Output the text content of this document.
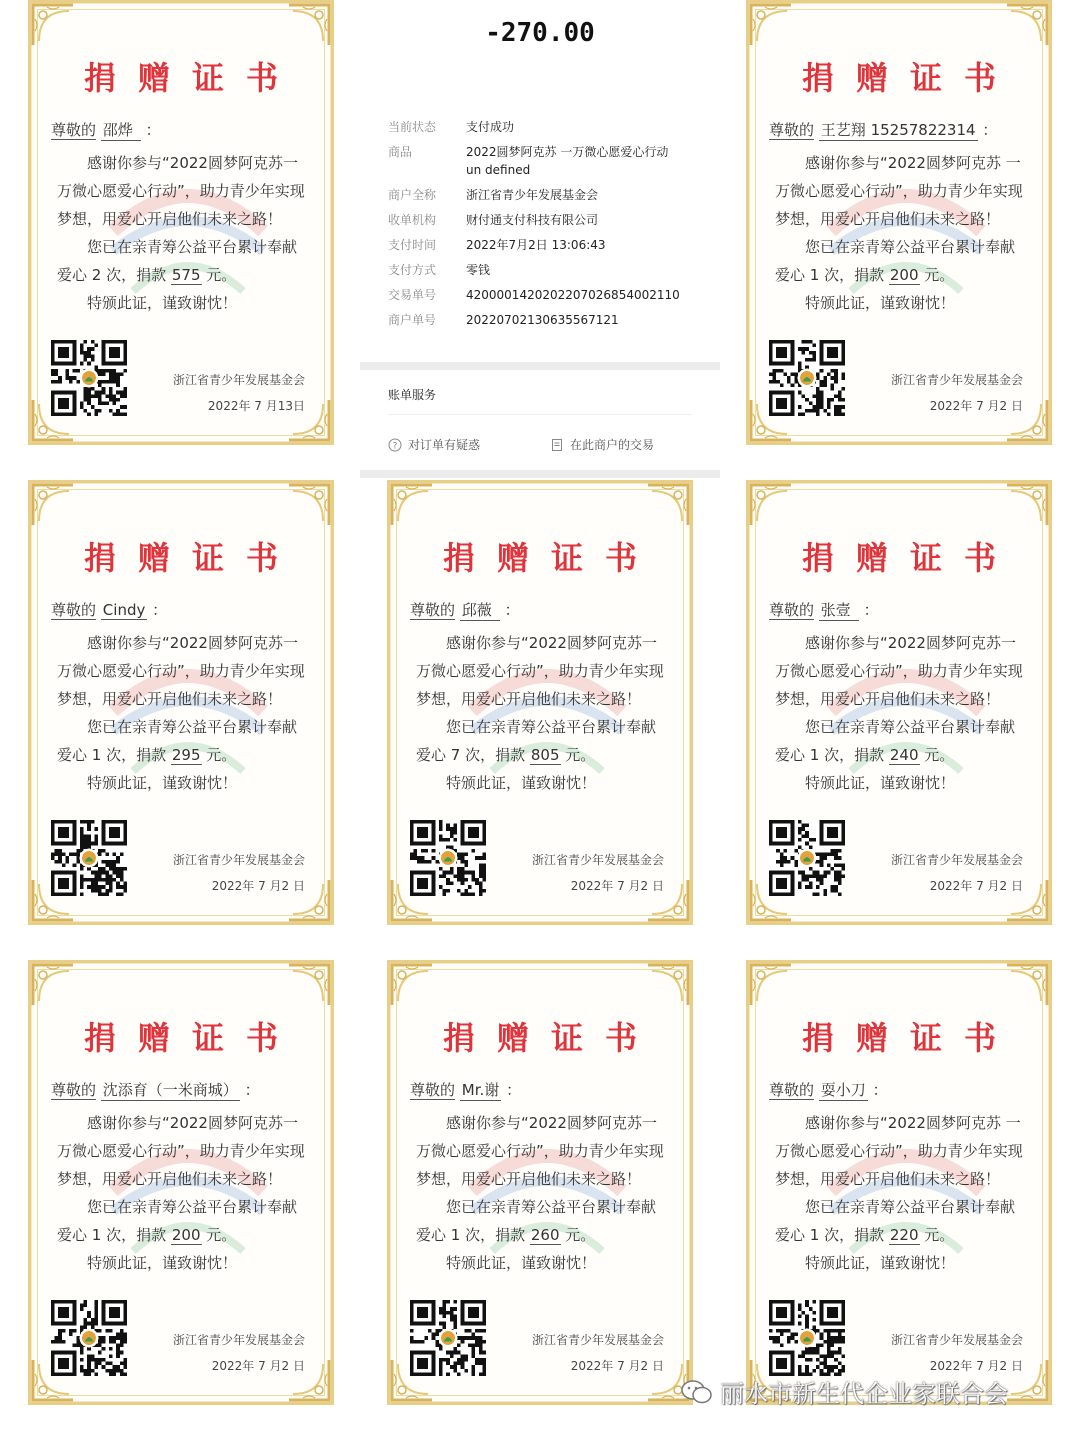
-270.00
当前状态 支付成功
商品	2022圆梦阿克苏 一万微心愿爱心行动un defined
商户全称 浙江省青少年发展基金会
收单机构 财付通支付科技有限公司
支付时间 2022年7月2日 13:06:43
支付方式 零钱
交易单号 4200001420202207026854002110
商户单号 20220702130635567121
账单服务
? 对订单有疑惑	在此商户的交易
捐赠证书
尊敬的 邵烨 ：

感谢你参与“2022圆梦阿克苏一万微心愿爱心行动”，助力青少年实现梦想，用爱心开启他们未来之路！

您已在亲青筹公益平台累计奉献爱心 2 次，捐款 575 元。

特颁此证，谨致谢忱！

浙江省青少年发展基金会
2022年 7 月13日
捐赠证书
尊敬的 王艺翔 15257822314 ：

感谢你参与“2022圆梦阿克苏 一万微心愿爱心行动”，助力青少年实现梦想，用爱心开启他们未来之路！

您已在亲青筹公益平台累计奉献爱心 1 次，捐款 200 元。

特颁此证，谨致谢忱！

浙江省青少年发展基金会
2022年 7 月2 日
捐赠证书
尊敬的 Cindy ：

感谢你参与“2022圆梦阿克苏一万微心愿爱心行动”，助力青少年实现梦想，用爱心开启他们未来之路！

您已在亲青筹公益平台累计奉献爱心 1 次，捐款 295 元。

特颁此证，谨致谢忱！

浙江省青少年发展基金会
2022年 7 月2 日
捐赠证书
尊敬的 邱薇 ：

感谢你参与“2022圆梦阿克苏一万微心愿爱心行动”，助力青少年实现梦想，用爱心开启他们未来之路！

您已在亲青筹公益平台累计奉献爱心 7 次，捐款 805 元。

特颁此证，谨致谢忱！

浙江省青少年发展基金会
2022年 7 月2 日
捐赠证书
尊敬的 张壹 ：

感谢你参与“2022圆梦阿克苏一万微心愿爱心行动”，助力青少年实现梦想，用爱心开启他们未来之路！

您已在亲青筹公益平台累计奉献爱心 1 次，捐款 240 元。

特颁此证，谨致谢忱！

浙江省青少年发展基金会
2022年 7 月2 日
捐赠证书
尊敬的 沈添育（一米商城） ：

感谢你参与“2022圆梦阿克苏一万微心愿爱心行动”，助力青少年实现梦想，用爱心开启他们未来之路！

您已在亲青筹公益平台累计奉献爱心 1 次，捐款 200 元。

特颁此证，谨致谢忱！

浙江省青少年发展基金会
2022年 7 月2 日
捐赠证书
尊敬的 Mr.谢 ：

感谢你参与“2022圆梦阿克苏一万微心愿爱心行动”，助力青少年实现梦想，用爱心开启他们未来之路！

您已在亲青筹公益平台累计奉献爱心 1 次，捐款 260 元。

特颁此证，谨致谢忱！

浙江省青少年发展基金会
2022年 7 月2 日
捐赠证书
尊敬的 耍小刀 ：

感谢你参与“2022圆梦阿克苏 一万微心愿爱心行动”，助力青少年实现梦想，用爱心开启他们未来之路！

您已在亲青筹公益平台累计奉献爱心 1 次，捐款 220 元。

特颁此证，谨致谢忱！

浙江省青少年发展基金会
2022年 7 月2 日
丽水市新生代企业家联合会
